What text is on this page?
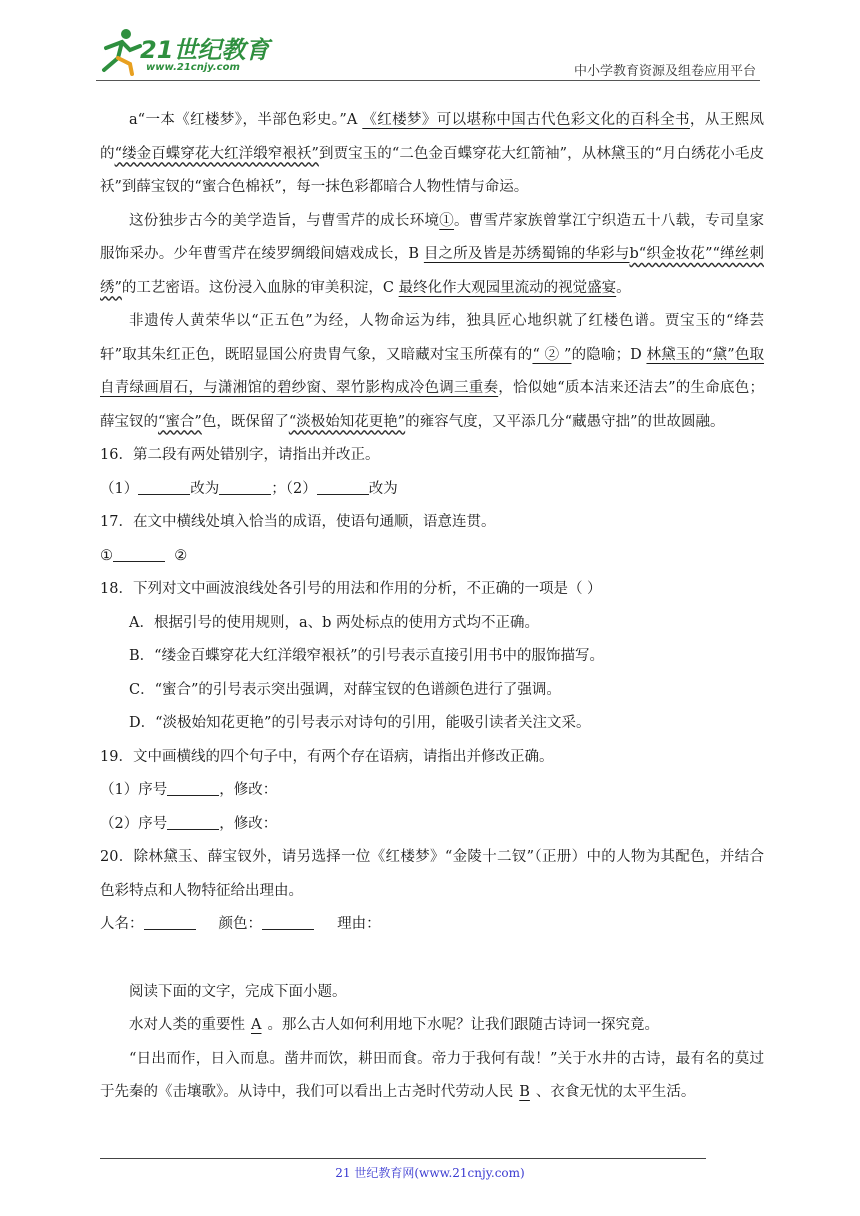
21世纪教育
www.21cnjy.com	中小学教育资源及组卷应用平台

a“一本《红楼梦》，半部色彩史。”A 《红楼梦》可以堪称中国古代色彩文化的百科全书，从王熙凤的“缕金百蝶穿花大红洋缎窄裉袄”到贾宝玉的“二色金百蝶穿花大红箭袖”，从林黛玉的“月白绣花小毛皮袄”到薛宝钗的“蜜合色棉袄”，每一抹色彩都暗合人物性情与命运。

这份独步古今的美学造旨，与曹雪芹的成长环境①。曹雪芹家族曾掌江宁织造五十八载，专司皇家服饰采办。少年曹雪芹在绫罗绸缎间嬉戏成长，B 目之所及皆是苏绣蜀锦的华彩与b“织金妆花”“缂丝刺绣”的工艺密语。这份浸入血脉的审美积淀，C 最终化作大观园里流动的视觉盛宴。

非遗传人黄荣华以“正五色”为经，人物命运为纬，独具匠心地织就了红楼色谱。贾宝玉的“绛芸轩”取其朱红正色，既昭显国公府贵胄气象，又暗藏对宝玉所葆有的“ ② ”的隐喻；D 林黛玉的“黛”色取自青绿画眉石，与潇湘馆的碧纱窗、翠竹影构成冷色调三重奏，恰似她“质本洁来还洁去”的生命底色；薛宝钗的“蜜合”色，既保留了“淡极始知花更艳”的雍容气度，又平添几分“藏愚守拙”的世故圆融。

16．第二段有两处错别字，请指出并改正。

（1）	改为	；（2）	改为

17．在文中横线处填入恰当的成语，使语句通顺，语意连贯。

①	②

18．下列对文中画波浪线处各引号的用法和作用的分析，不正确的一项是（ ）

A．根据引号的使用规则，a、b 两处标点的使用方式均不正确。

B．“缕金百蝶穿花大红洋缎窄裉袄”的引号表示直接引用书中的服饰描写。

C．“蜜合”的引号表示突出强调，对薛宝钗的色谱颜色进行了强调。

D．“淡极始知花更艳”的引号表示对诗句的引用，能吸引读者关注文采。

19．文中画横线的四个句子中，有两个存在语病，请指出并修改正确。

（1）序号	，修改：

（2）序号	，修改：

20．除林黛玉、薛宝钗外，请另选择一位《红楼梦》“金陵十二钗”（正册）中的人物为其配色，并结合色彩特点和人物特征给出理由。

人名：	颜色：	理由：

阅读下面的文字，完成下面小题。

水对人类的重要性 A 。那么古人如何利用地下水呢？让我们跟随古诗词一探究竟。

“日出而作，日入而息。凿井而饮，耕田而食。帝力于我何有哉！”关于水井的古诗，最有名的莫过于先秦的《击壤歌》。从诗中，我们可以看出上古尧时代劳动人民 B 、衣食无忧的太平生活。

21 世纪教育网(www.21cnjy.com)
